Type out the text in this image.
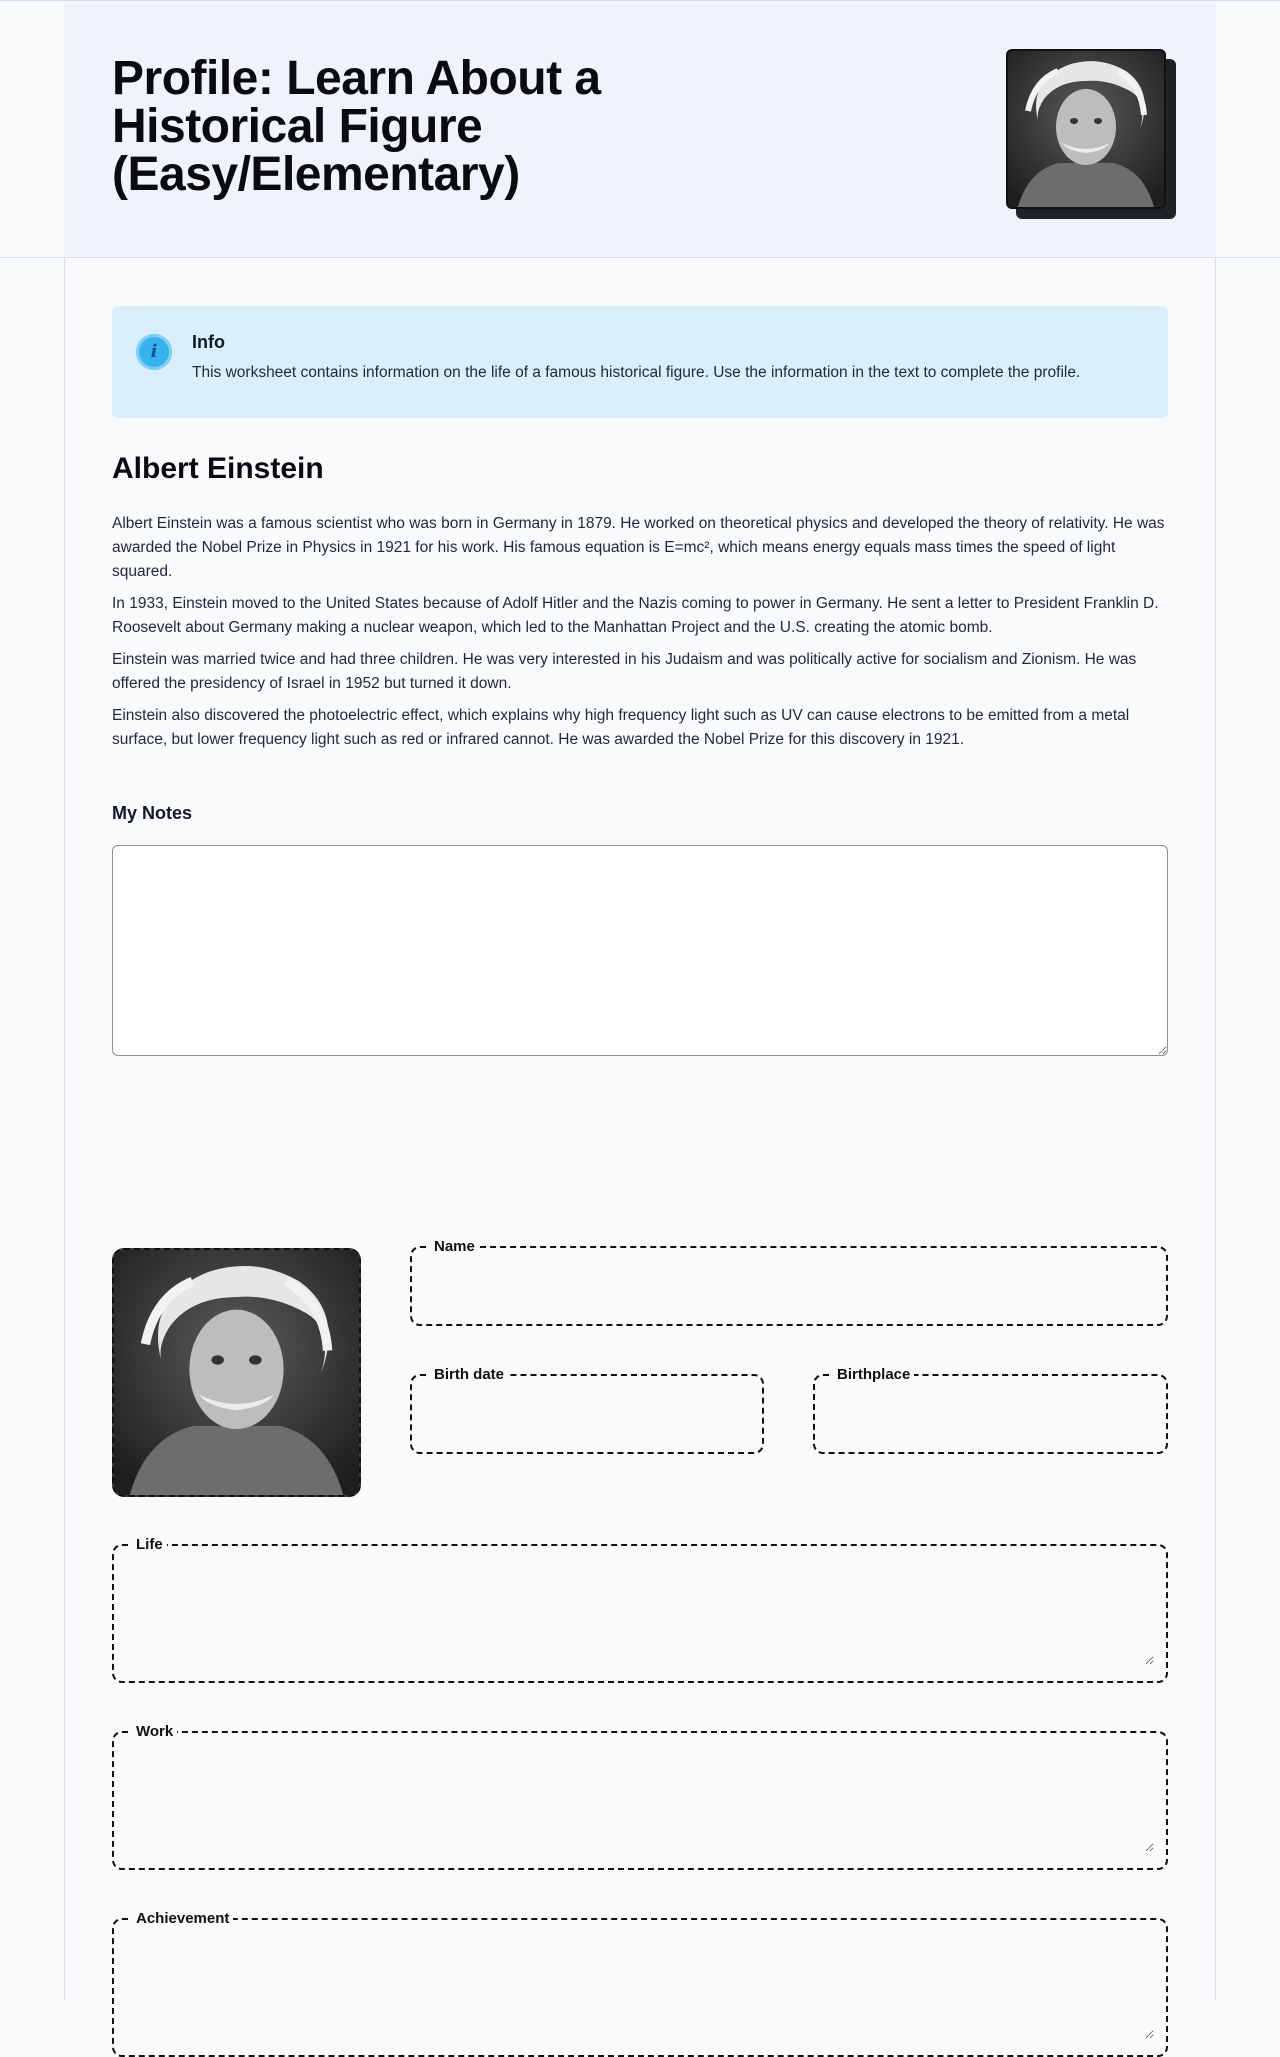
Profile: Learn About a Historical Figure (Easy/Elementary)
i	Info

This worksheet contains information on the life of a famous historical figure. Use the information in the text to complete the profile.

Albert Einstein

Albert Einstein was a famous scientist who was born in Germany in 1879. He worked on theoretical physics and developed the theory of relativity. He was awarded the Nobel Prize in Physics in 1921 for his work. His famous equation is E=mc², which means energy equals mass times the speed of light squared.

In 1933, Einstein moved to the United States because of Adolf Hitler and the Nazis coming to power in Germany. He sent a letter to President Franklin D. Roosevelt about Germany making a nuclear weapon, which led to the Manhattan Project and the U.S. creating the atomic bomb.

Einstein was married twice and had three children. He was very interested in his Judaism and was politically active for socialism and Zionism. He was offered the presidency of Israel in 1952 but turned it down.

Einstein also discovered the photoelectric effect, which explains why high frequency light such as UV can cause electrons to be emitted from a metal surface, but lower frequency light such as red or infrared cannot. He was awarded the Nobel Prize for this discovery in 1921.

My Notes
Name
Birth date	Birthplace
Life
Work
Achievement
